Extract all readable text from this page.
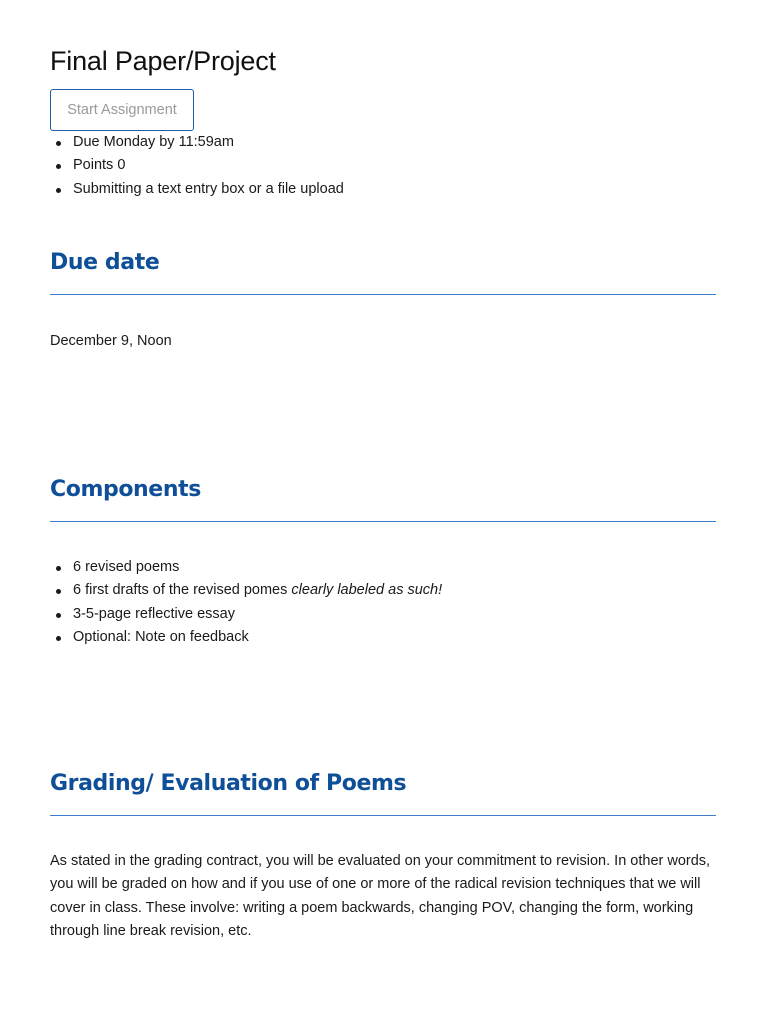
Final Paper/Project
Start Assignment
Due Monday by 11:59am
Points 0
Submitting a text entry box or a file upload
Due date

December 9, Noon

Components
6 revised poems
6 first drafts of the revised pomes clearly labeled as such!
3-5-page reflective essay
Optional: Note on feedback
Grading/ Evaluation of Poems

As stated in the grading contract, you will be evaluated on your commitment to revision. In other words, you will be graded on how and if you use of one or more of the radical revision techniques that we will cover in class. These involve: writing a poem backwards, changing POV, changing the form, working through line break revision, etc.
